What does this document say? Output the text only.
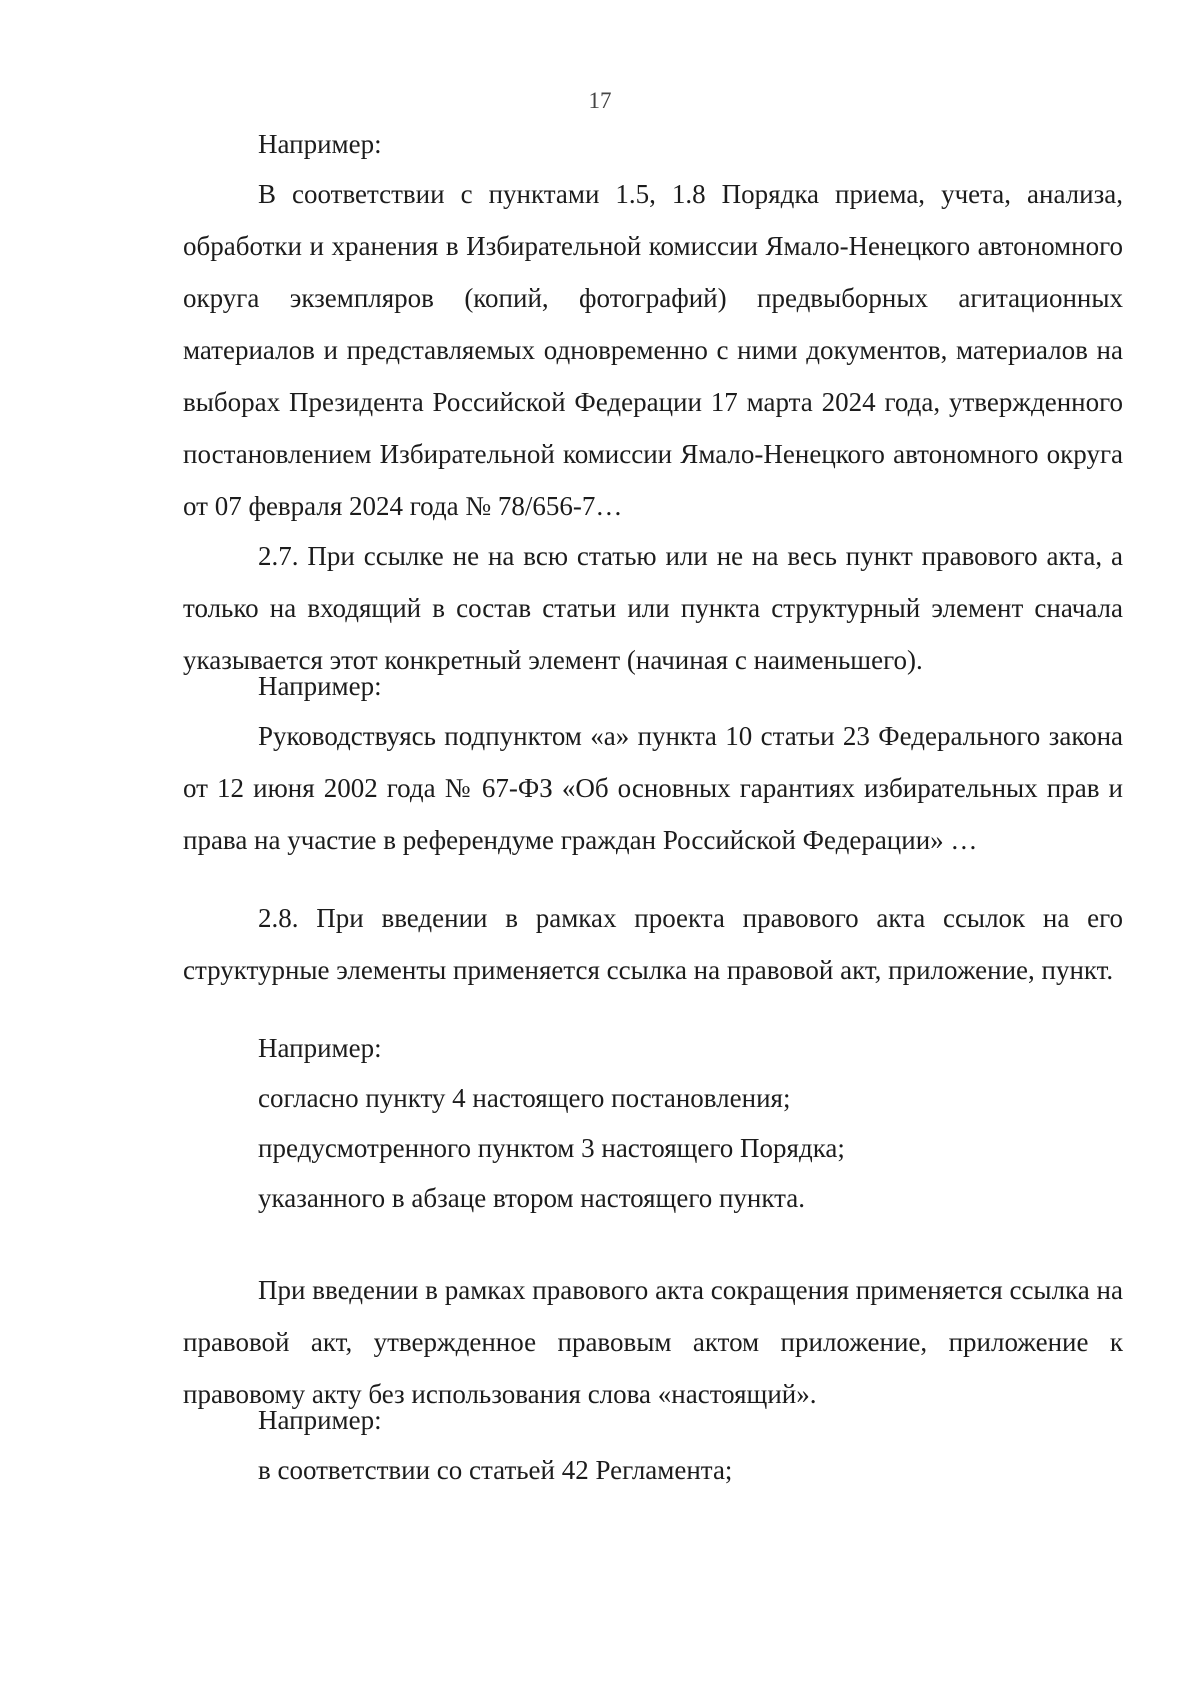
17
Например:
В соответствии с пунктами 1.5, 1.8 Порядка приема, учета, анализа, обработки и хранения в Избирательной комиссии Ямало-Ненецкого автономного округа экземпляров (копий, фотографий) предвыборных агитационных материалов и представляемых одновременно с ними документов, материалов на выборах Президента Российской Федерации 17 марта 2024 года, утвержденного постановлением Избирательной комиссии Ямало-Ненецкого автономного округа от 07 февраля 2024 года № 78/656-7…
2.7. При ссылке не на всю статью или не на весь пункт правового акта, а только на входящий в состав статьи или пункта структурный элемент сначала указывается этот конкретный элемент (начиная с наименьшего).
Например:
Руководствуясь подпунктом «а» пункта 10 статьи 23 Федерального закона от 12 июня 2002 года № 67-ФЗ «Об основных гарантиях избирательных прав и права на участие в референдуме граждан Российской Федерации» …
2.8. При введении в рамках проекта правового акта ссылок на его структурные элементы применяется ссылка на правовой акт, приложение, пункт.
Например:
согласно пункту 4 настоящего постановления;
предусмотренного пунктом 3 настоящего Порядка;
указанного в абзаце втором настоящего пункта.
При введении в рамках правового акта сокращения применяется ссылка на правовой акт, утвержденное правовым актом приложение, приложение к правовому акту без использования слова «настоящий».
Например:
в соответствии со статьей 42 Регламента;
